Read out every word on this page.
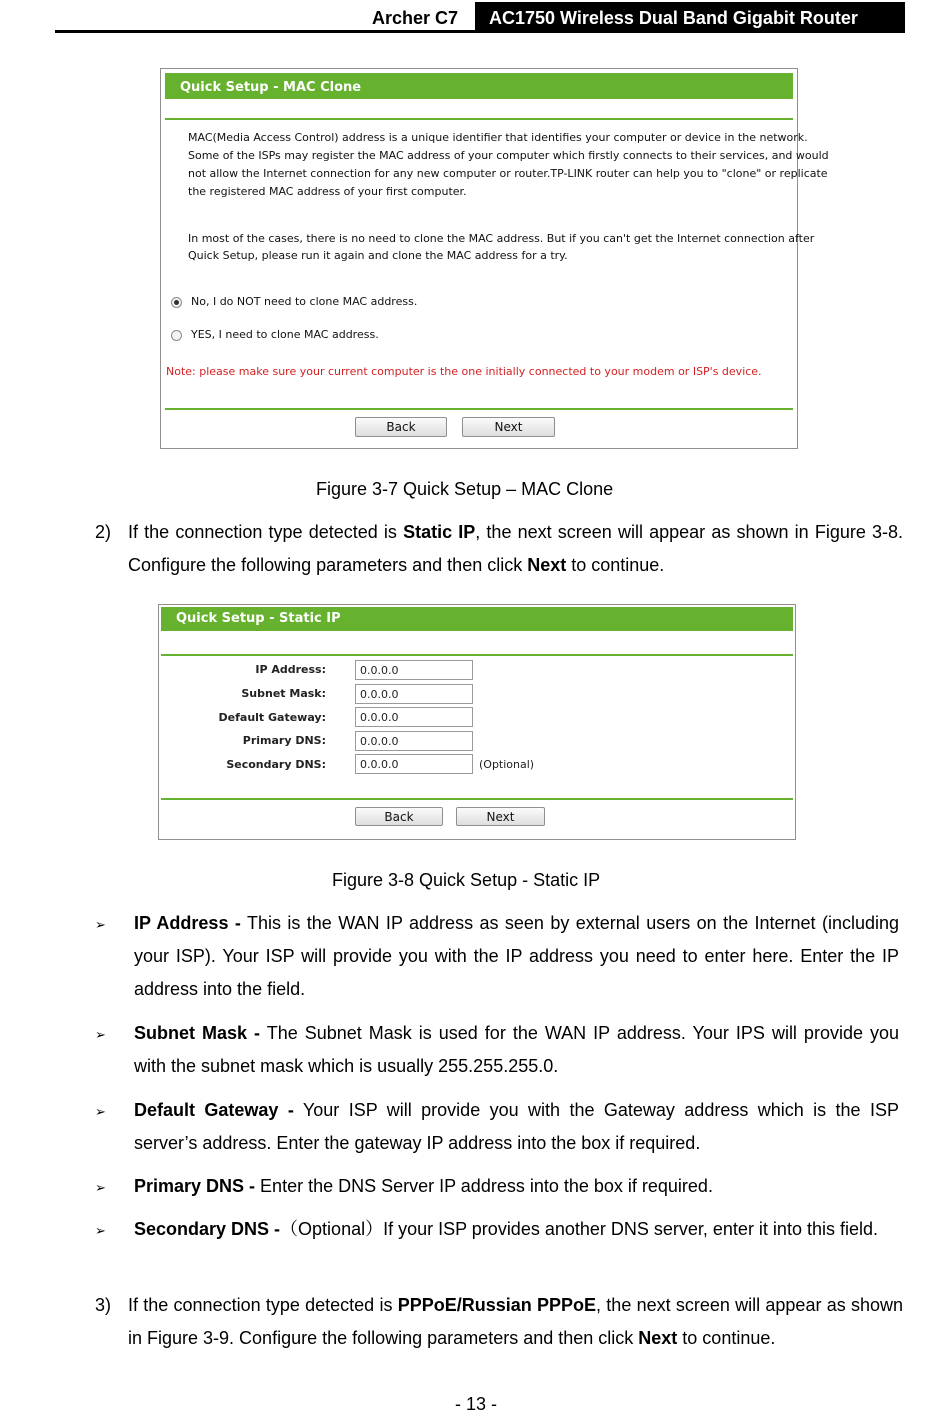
Archer C7	AC1750 Wireless Dual Band Gigabit Router
Quick Setup - MAC Clone
MAC(Media Access Control) address is a unique identifier that identifies your computer or device in the network.
Some of the ISPs may register the MAC address of your computer which firstly connects to their services, and would
not allow the Internet connection for any new computer or router.TP-LINK router can help you to "clone" or replicate
the registered MAC address of your first computer.
In most of the cases, there is no need to clone the MAC address. But if you can't get the Internet connection after
Quick Setup, please run it again and clone the MAC address for a try.
No, I do NOT need to clone MAC address.
YES, I need to clone MAC address.
Note: please make sure your current computer is the one initially connected to your modem or ISP's device.
Back	Next
Figure 3-7 Quick Setup – MAC Clone
2) If the connection type detected is Static IP, the next screen will appear as shown in Figure 3-8. Configure the following parameters and then click Next to continue.
Quick Setup - Static IP
IP Address:	0.0.0.0
Subnet Mask:	0.0.0.0
Default Gateway:	0.0.0.0
Primary DNS:	0.0.0.0
Secondary DNS:	0.0.0.0	(Optional)
Back	Next
Figure 3-8 Quick Setup - Static IP
➢ IP Address - This is the WAN IP address as seen by external users on the Internet (including your ISP). Your ISP will provide you with the IP address you need to enter here. Enter the IP address into the field.
➢ Subnet Mask - The Subnet Mask is used for the WAN IP address. Your IPS will provide you with the subnet mask which is usually 255.255.255.0.
➢ Default Gateway - Your ISP will provide you with the Gateway address which is the ISP server’s address. Enter the gateway IP address into the box if required.
➢ Primary DNS - Enter the DNS Server IP address into the box if required.
➢ Secondary DNS -（Optional）If your ISP provides another DNS server, enter it into this field.
3) If the connection type detected is PPPoE/Russian PPPoE, the next screen will appear as shown in Figure 3-9. Configure the following parameters and then click Next to continue.
- 13 -
